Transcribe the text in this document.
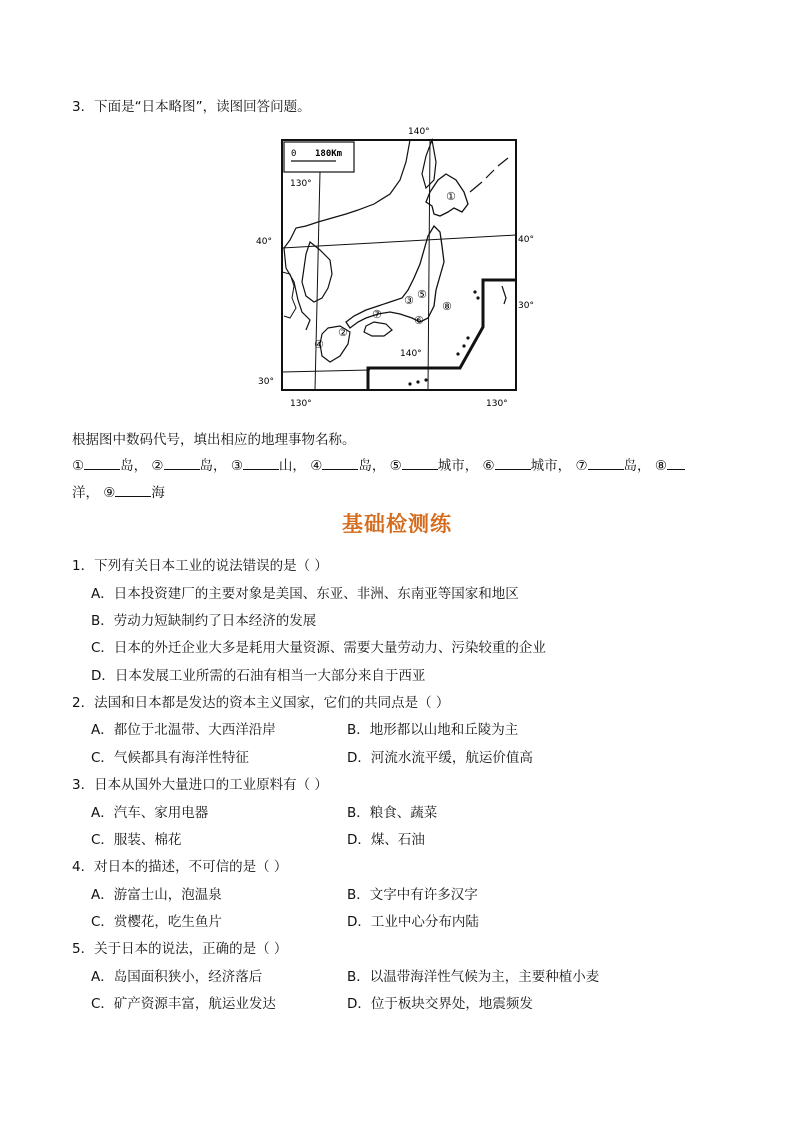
3．下面是“日本略图”，读图回答问题。
0 180Km
140°
130°
40°	40°
30°
140°
30°
130°	130°
①
②
③
④
⑤
⑥
⑦
⑧
根据图中数码代号，填出相应的地理事物名称。
①	岛， ②	岛， ③	山， ④	岛， ⑤	城市， ⑥	城市， ⑦	岛， ⑧
洋， ⑨	海
基础检测练
1．下列有关日本工业的说法错误的是（ ）
A．日本投资建厂的主要对象是美国、东亚、非洲、东南亚等国家和地区
B．劳动力短缺制约了日本经济的发展
C．日本的外迁企业大多是耗用大量资源、需要大量劳动力、污染较重的企业
D．日本发展工业所需的石油有相当一大部分来自于西亚
2．法国和日本都是发达的资本主义国家，它们的共同点是（ ）
A．都位于北温带、大西洋沿岸	B．地形都以山地和丘陵为主
C．气候都具有海洋性特征	D．河流水流平缓，航运价值高
3．日本从国外大量进口的工业原料有（ ）
A．汽车、家用电器	B．粮食、蔬菜
C．服装、棉花	D．煤、石油
4．对日本的描述，不可信的是（ ）
A．游富士山，泡温泉	B．文字中有许多汉字
C．赏樱花，吃生鱼片	D．工业中心分布内陆
5．关于日本的说法，正确的是（ ）
A．岛国面积狭小，经济落后	B．以温带海洋性气候为主，主要种植小麦
C．矿产资源丰富，航运业发达	D．位于板块交界处，地震频发
